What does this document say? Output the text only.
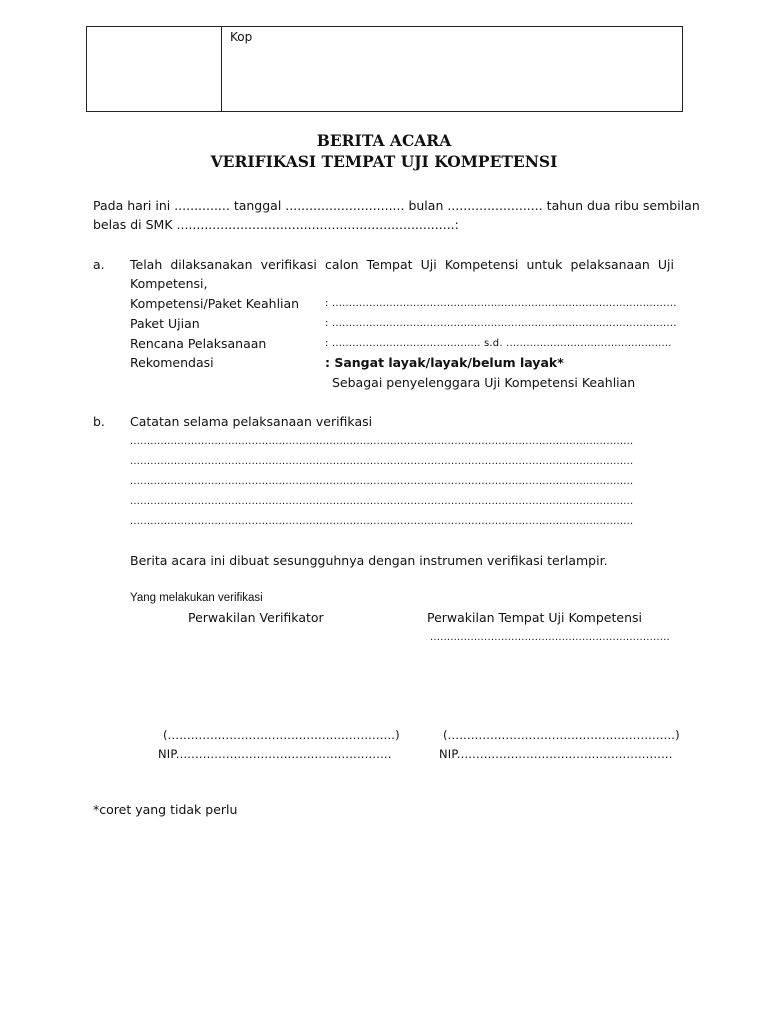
Kop
BERITA ACARA
VERIFIKASI TEMPAT UJI KOMPETENSI
Pada hari ini .............. tanggal .............................. bulan ........................ tahun dua ribu sembilan
belas di SMK ......................................................................:
a. Telah dilaksanakan verifikasi calon Tempat Uji Kompetensi untuk pelaksanaan Uji
Kompetensi,
Kompetensi/Paket Keahlian	: ......................................................................................................
Paket Ujian	: ......................................................................................................
Rencana Pelaksanaan	: ............................................ s.d. .................................................
Rekomendasi	: Sangat layak/layak/belum layak*
Sebagai penyelenggara Uji Kompetensi Keahlian
b. Catatan selama pelaksanaan verifikasi
.....................................................................................................................................................
.....................................................................................................................................................
.....................................................................................................................................................
.....................................................................................................................................................
.....................................................................................................................................................
Berita acara ini dibuat sesungguhnya dengan instrumen verifikasi terlampir.
Yang melakukan verifikasi
Perwakilan Verifikator	Perwakilan Tempat Uji Kompetensi
.......................................................................
(...........................................................)	(...........................................................)
NIP........................................................	NIP........................................................
*coret yang tidak perlu
